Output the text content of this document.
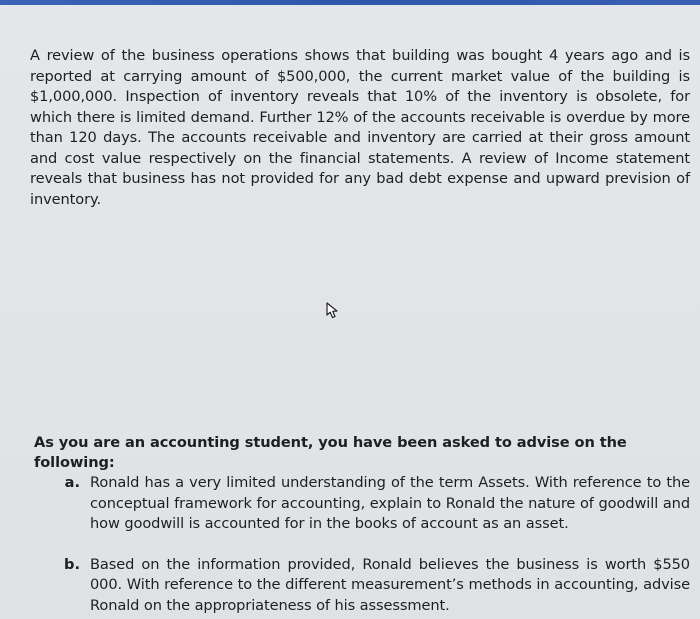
A review of the business operations shows that building was bought 4 years ago and is reported at carrying amount of $500,000, the current market value of the building is $1,000,000. Inspection of inventory reveals that 10% of the inventory is obsolete, for which there is limited demand. Further 12% of the accounts receivable is overdue by more than 120 days. The accounts receivable and inventory are carried at their gross amount and cost value respectively on the financial statements. A review of Income statement reveals that business has not provided for any bad debt expense and upward prevision of inventory.

As you are an accounting student, you have been asked to advise on the following:

a. Ronald has a very limited understanding of the term Assets. With reference to the conceptual framework for accounting, explain to Ronald the nature of goodwill and how goodwill is accounted for in the books of account as an asset.

b. Based on the information provided, Ronald believes the business is worth $550 000. With reference to the different measurement’s methods in accounting, advise Ronald on the appropriateness of his assessment.
